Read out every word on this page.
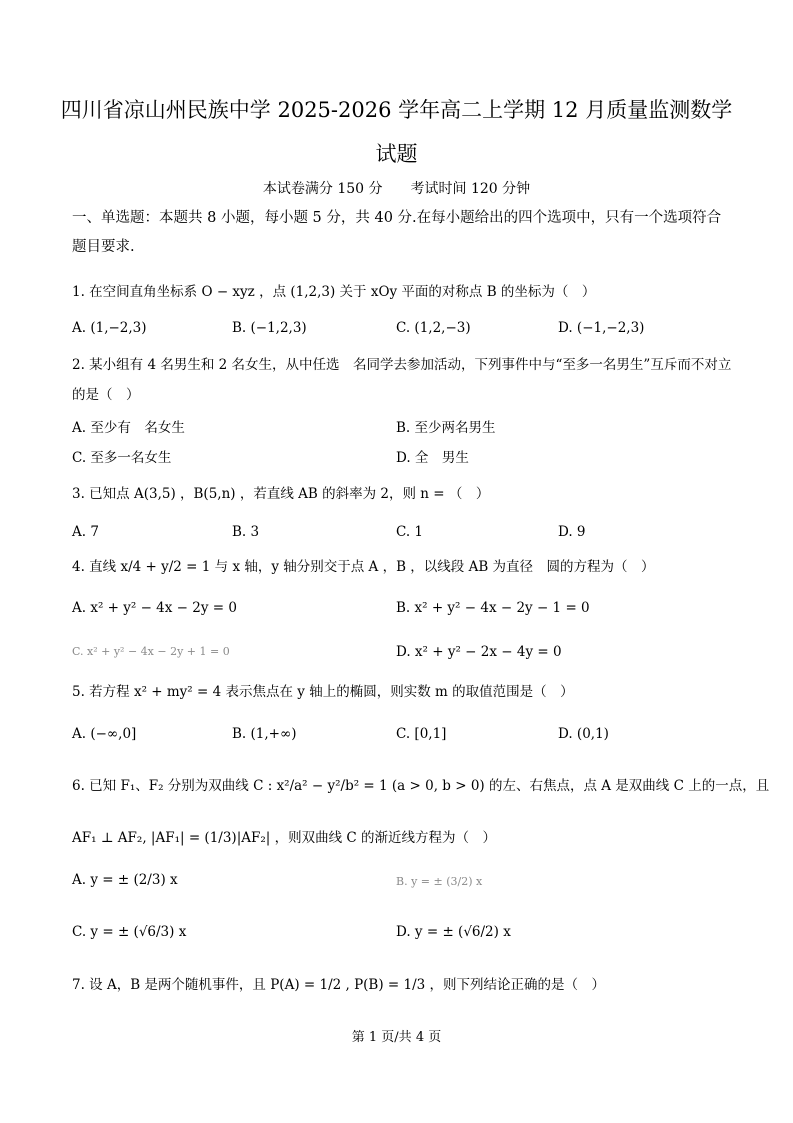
四川省凉山州民族中学 2025-2026 学年高二上学期 12 月质量监测数学
试题
本试卷满分 150 分　　考试时间 120 分钟
一、单选题：本题共 8 小题，每小题 5 分，共 40 分.在每小题给出的四个选项中，只有一个选项符合题目要求.
1. 在空间直角坐标系 O − xyz ，点 (1,2,3) 关于 xOy 平面的对称点 B 的坐标为（　）
A. (1,−2,3)	B. (−1,2,3)	C. (1,2,−3)	D. (−1,−2,3)
2. 某小组有 4 名男生和 2 名女生，从中任选　名同学去参加活动，下列事件中与“至多一名男生”互斥而不对立的是（　）
A. 至少有　名女生	B. 至少两名男生
C. 至多一名女生	D. 全　男生
3. 已知点 A(3,5) ，B(5,n) ，若直线 AB 的斜率为 2，则 n = （　）
A. 7	B. 3	C. 1	D. 9
4. 直线 x/4 + y/2 = 1 与 x 轴，y 轴分别交于点 A ，B ，以线段 AB 为直径　圆的方程为（　）
A. x² + y² − 4x − 2y = 0	B. x² + y² − 4x − 2y − 1 = 0
C. x² + y² − 4x − 2y + 1 = 0	D. x² + y² − 2x − 4y = 0
5. 若方程 x² + my² = 4 表示焦点在 y 轴上的椭圆，则实数 m 的取值范围是（　）
A. (−∞,0]	B. (1,+∞)	C. [0,1]	D. (0,1)
6. 已知 F₁、F₂ 分别为双曲线 C : x²/a² − y²/b² = 1 (a > 0, b > 0) 的左、右焦点，点 A 是双曲线 C 上的一点，且
AF₁ ⊥ AF₂, |AF₁| = (1/3)|AF₂| ，则双曲线 C 的渐近线方程为（　）
A. y = ± (2/3) x	B. y = ± (3/2) x
C. y = ± (√6/3) x	D. y = ± (√6/2) x
7. 设 A，B 是两个随机事件，且 P(A) = 1/2 , P(B) = 1/3 ，则下列结论正确的是（　）
第 1 页/共 4 页
